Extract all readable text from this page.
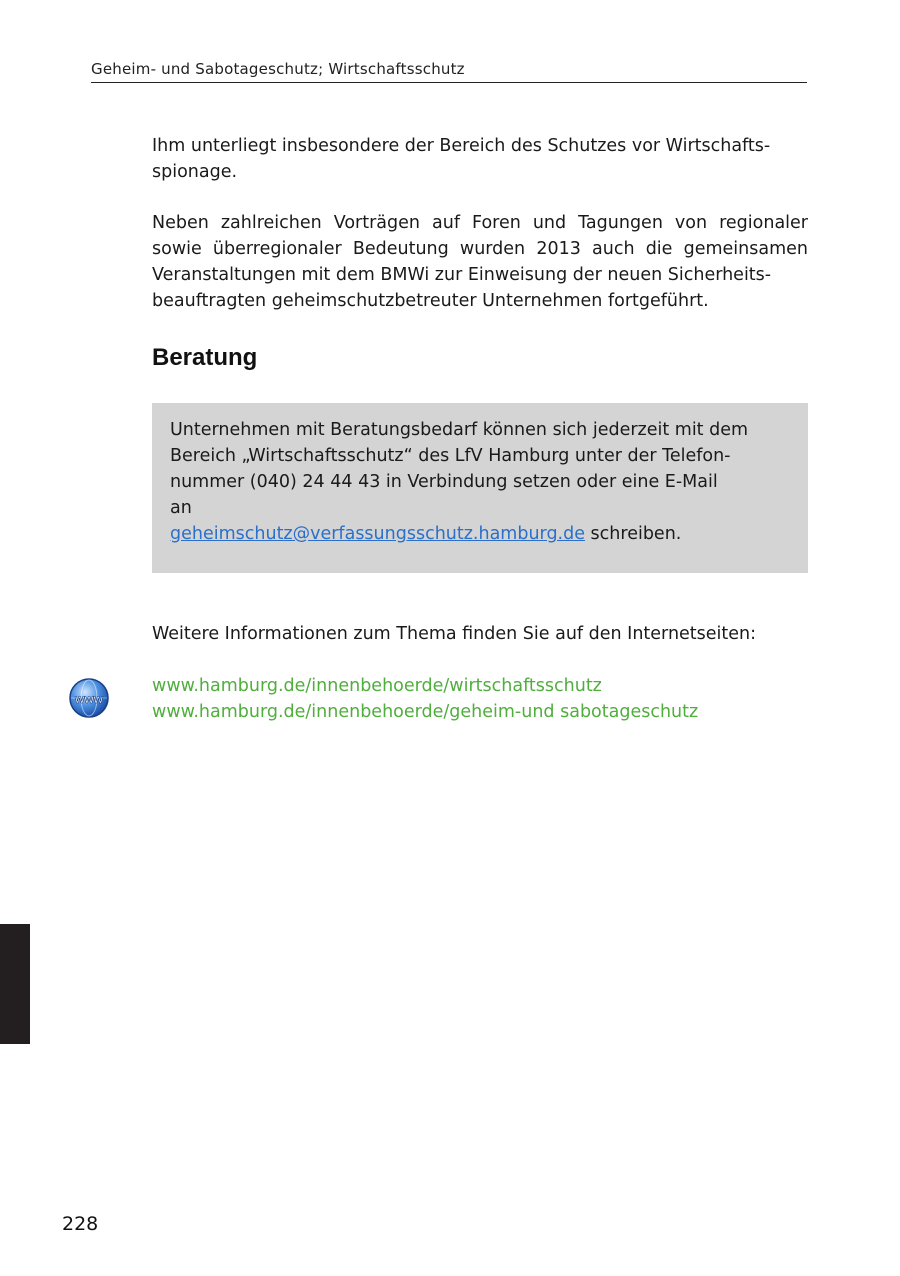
Geheim- und Sabotageschutz; Wirtschaftsschutz

Ihm unterliegt insbesondere der Bereich des Schutzes vor Wirtschafts-
spionage.

Neben zahlreichen Vorträgen auf Foren und Tagungen von regionaler sowie überregionaler Bedeutung wurden 2013 auch die gemeinsamen Veranstaltungen mit dem BMWi zur Einweisung der neuen Sicherheits-
beauftragten geheimschutzbetreuter Unternehmen fortgeführt.

Beratung

Unternehmen mit Beratungsbedarf können sich jederzeit mit dem Bereich „Wirtschaftsschutz“ des LfV Hamburg unter der Telefon-
nummer (040) 24 44 43 in Verbindung setzen oder eine E-Mail
an

geheimschutz@verfassungsschutz.hamburg.de schreiben.

Weitere Informationen zum Thema finden Sie auf den Internetseiten:

www
www.hamburg.de/innenbehoerde/wirtschaftsschutz
www.hamburg.de/innenbehoerde/geheim-und sabotageschutz
228
